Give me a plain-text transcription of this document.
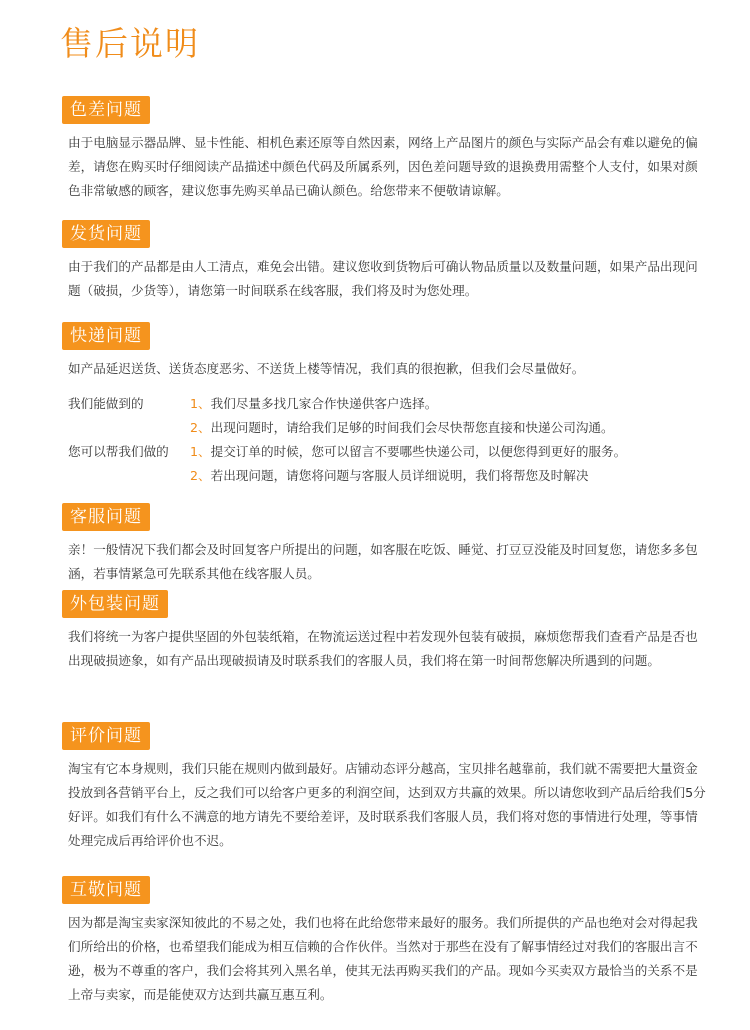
售后说明
色差问题

由于电脑显示器品牌、显卡性能、相机色素还原等自然因素，网络上产品图片的颜色与实际产品会有难以避免的偏差，请您在购买时仔细阅读产品描述中颜色代码及所属系列，因色差问题导致的退换费用需整个人支付，如果对颜色非常敏感的顾客，建议您事先购买单品已确认颜色。给您带来不便敬请谅解。

发货问题

由于我们的产品都是由人工清点，难免会出错。建议您收到货物后可确认物品质量以及数量问题，如果产品出现问题（破损，少货等），请您第一时间联系在线客服，我们将及时为您处理。

快递问题

如产品延迟送货、送货态度恶劣、不送货上楼等情况，我们真的很抱歉，但我们会尽量做好。

我们能做到的	1、我们尽量多找几家合作快递供客户选择。
2、出现问题时，请给我们足够的时间我们会尽快帮您直接和快递公司沟通。
您可以帮我们做的 1、提交订单的时候，您可以留言不要哪些快递公司，以便您得到更好的服务。
2、若出现问题，请您将问题与客服人员详细说明，我们将帮您及时解决
客服问题

亲！一般情况下我们都会及时回复客户所提出的问题，如客服在吃饭、睡觉、打豆豆没能及时回复您，请您多多包涵，若事情紧急可先联系其他在线客服人员。

外包装问题

我们将统一为客户提供坚固的外包装纸箱，在物流运送过程中若发现外包装有破损，麻烦您帮我们查看产品是否也出现破损迹象，如有产品出现破损请及时联系我们的客服人员，我们将在第一时间帮您解决所遇到的问题。

评价问题

淘宝有它本身规则，我们只能在规则内做到最好。店铺动态评分越高，宝贝排名越靠前，我们就不需要把大量资金投放到各营销平台上，反之我们可以给客户更多的利润空间，达到双方共赢的效果。所以请您收到产品后给我们5分好评。如我们有什么不满意的地方请先不要给差评，及时联系我们客服人员，我们将对您的事情进行处理，等事情处理完成后再给评价也不迟。

互敬问题

因为都是淘宝卖家深知彼此的不易之处，我们也将在此给您带来最好的服务。我们所提供的产品也绝对会对得起我们所给出的价格，也希望我们能成为相互信赖的合作伙伴。当然对于那些在没有了解事情经过对我们的客服出言不逊，极为不尊重的客户，我们会将其列入黑名单，使其无法再购买我们的产品。现如今买卖双方最恰当的关系不是上帝与卖家，而是能使双方达到共赢互惠互利。
